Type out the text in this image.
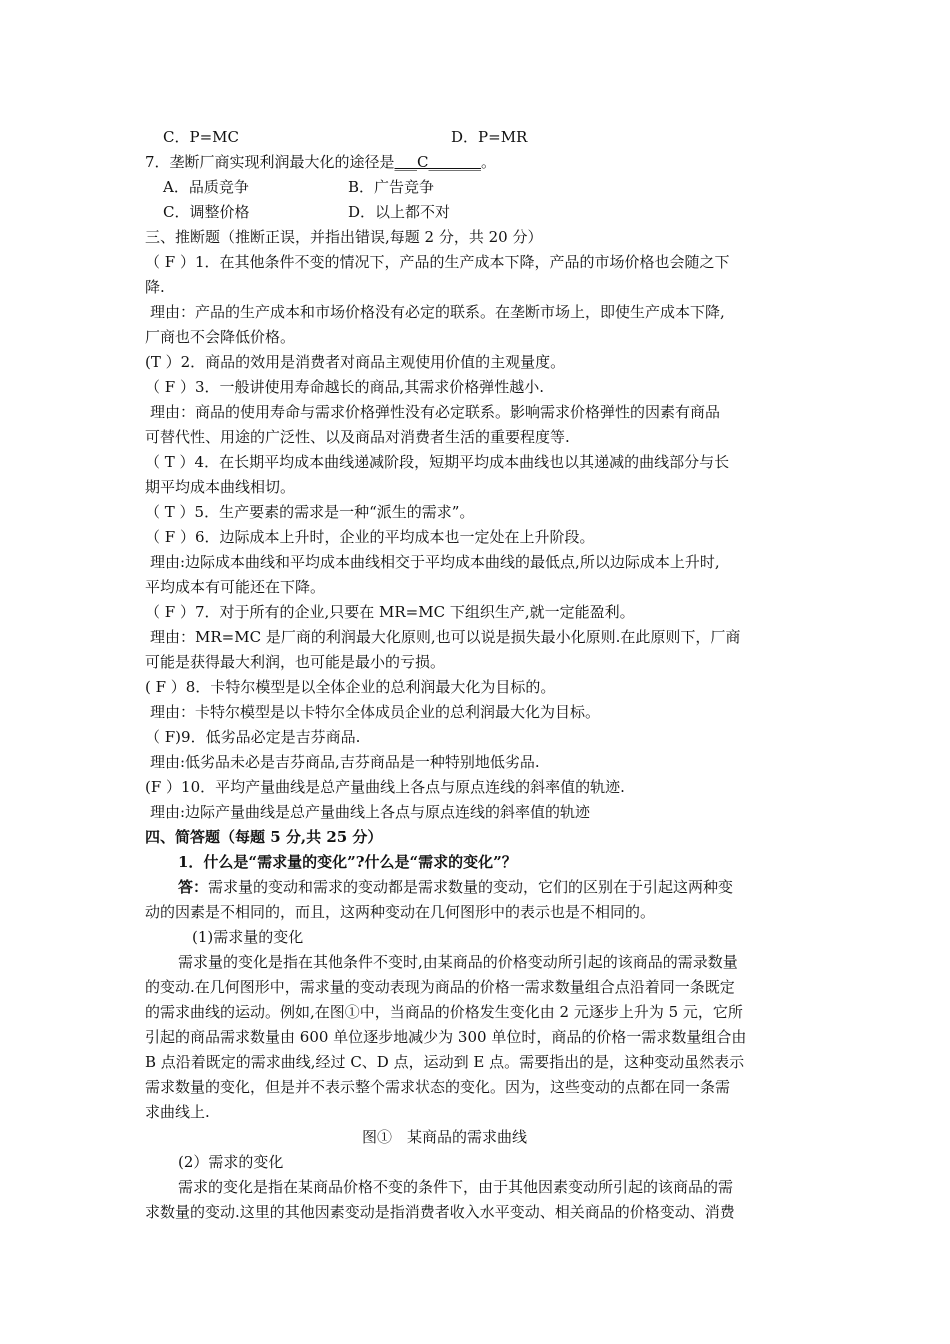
C．P=MC	D．P=MR
7．垄断厂商实现利润最大化的途径是___C_______。
A．品质竞争	B．广告竞争
C．调整价格	D．以上都不对
三、推断题（推断正误，并指出错误,每题 2 分，共 20 分）
（ F ）1．在其他条件不变的情况下，产品的生产成本下降，产品的市场价格也会随之下
降.
理由：产品的生产成本和市场价格没有必定的联系。在垄断市场上，即使生产成本下降,
厂商也不会降低价格。
(T ）2．商品的效用是消费者对商品主观使用价值的主观量度。
（ F ）3．一般讲使用寿命越长的商品,其需求价格弹性越小.
理由：商品的使用寿命与需求价格弹性没有必定联系。影响需求价格弹性的因素有商品
可替代性、用途的广泛性、以及商品对消费者生活的重要程度等.
（ T ）4．在长期平均成本曲线递减阶段，短期平均成本曲线也以其递减的曲线部分与长
期平均成本曲线相切。
（ T ）5．生产要素的需求是一种“派生的需求”。
（ F ）6．边际成本上升时，企业的平均成本也一定处在上升阶段。
理由:边际成本曲线和平均成本曲线相交于平均成本曲线的最低点,所以边际成本上升时,
平均成本有可能还在下降。
（ F ）7．对于所有的企业,只要在 MR=MC 下组织生产,就一定能盈利。
理由：MR=MC 是厂商的利润最大化原则,也可以说是损失最小化原则.在此原则下，厂商
可能是获得最大利润，也可能是最小的亏损。
( F ）8．卡特尔模型是以全体企业的总利润最大化为目标的。
理由：卡特尔模型是以卡特尔全体成员企业的总利润最大化为目标。
（ F)9．低劣品必定是吉芬商品.
理由:低劣品未必是吉芬商品,吉芬商品是一种特别地低劣品.
(F ）10．平均产量曲线是总产量曲线上各点与原点连线的斜率值的轨迹.
理由:边际产量曲线是总产量曲线上各点与原点连线的斜率值的轨迹
四、简答题（每题 5 分,共 25 分）
1．什么是“需求量的变化”?什么是“需求的变化”？
答：需求量的变动和需求的变动都是需求数量的变动，它们的区别在于引起这两种变
动的因素是不相同的，而且，这两种变动在几何图形中的表示也是不相同的。
(1)需求量的变化
需求量的变化是指在其他条件不变时,由某商品的价格变动所引起的该商品的需录数量
的变动.在几何图形中，需求量的变动表现为商品的价格一需求数量组合点沿着同一条既定
的需求曲线的运动。例如,在图①中，当商品的价格发生变化由 2 元逐步上升为 5 元，它所
引起的商品需求数量由 600 单位逐步地减少为 300 单位时，商品的价格一需求数量组合由
B 点沿着既定的需求曲线,经过 C、D 点，运动到 E 点。需要指出的是，这种变动虽然表示
需求数量的变化，但是并不表示整个需求状态的变化。因为，这些变动的点都在同一条需
求曲线上.
图①　某商品的需求曲线
(2）需求的变化
需求的变化是指在某商品价格不变的条件下，由于其他因素变动所引起的该商品的需
求数量的变动.这里的其他因素变动是指消费者收入水平变动、相关商品的价格变动、消费
